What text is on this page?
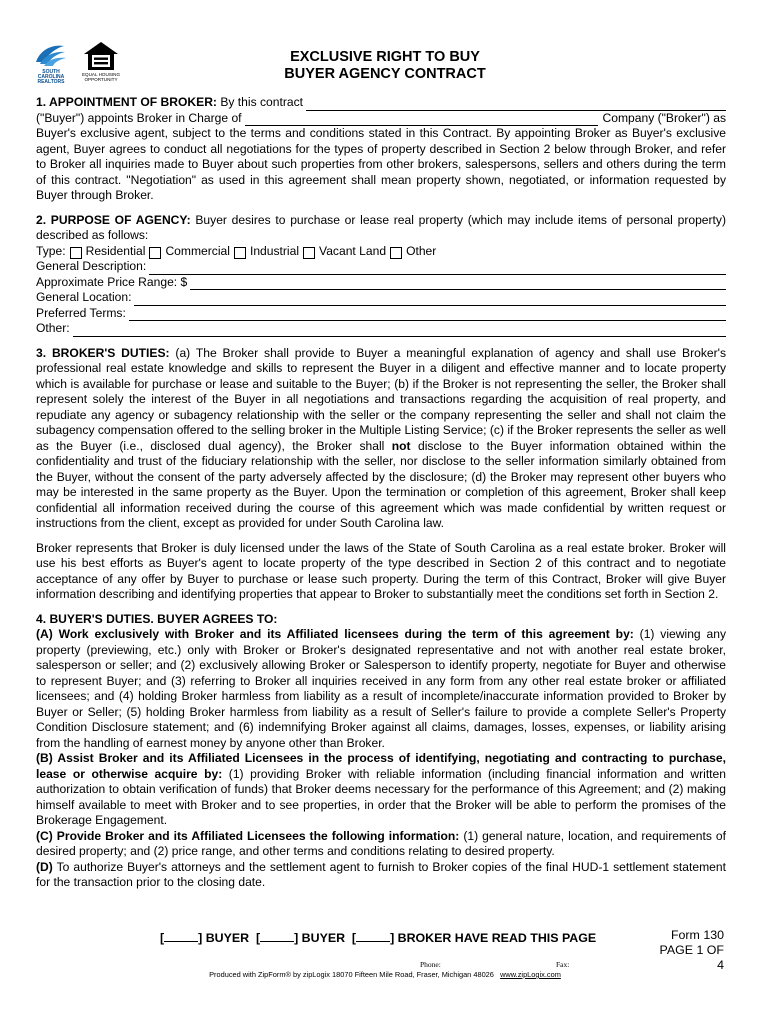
SOUTH CAROLINA REALTORS
EQUAL HOUSING OPPORTUNITY
EXCLUSIVE RIGHT TO BUY
BUYER AGENCY CONTRACT
1. APPOINTMENT OF BROKER: By this contract
("Buyer") appoints Broker in Charge of	Company ("Broker") as

Buyer's exclusive agent, subject to the terms and conditions stated in this Contract. By appointing Broker as Buyer's exclusive agent, Buyer agrees to conduct all negotiations for the types of property described in Section 2 below through Broker, and refer to Broker all inquiries made to Buyer about such properties from other brokers, salespersons, sellers and others during the term of this contract. "Negotiation" as used in this agreement shall mean property shown, negotiated, or information requested by Buyer through Broker.

2. PURPOSE OF AGENCY: Buyer desires to purchase or lease real property (which may include items of personal property) described as follows:

Type: Residential Commercial Industrial Vacant Land Other
General Description:
Approximate Price Range: $
General Location:
Preferred Terms:
Other:

3. BROKER'S DUTIES: (a) The Broker shall provide to Buyer a meaningful explanation of agency and shall use Broker's professional real estate knowledge and skills to represent the Buyer in a diligent and effective manner and to locate property which is available for purchase or lease and suitable to the Buyer; (b) if the Broker is not representing the seller, the Broker shall represent solely the interest of the Buyer in all negotiations and transactions regarding the acquisition of real property, and repudiate any agency or subagency relationship with the seller or the company representing the seller and shall not claim the subagency compensation offered to the selling broker in the Multiple Listing Service; (c) if the Broker represents the seller as well as the Buyer (i.e., disclosed dual agency), the Broker shall not disclose to the Buyer information obtained within the confidentiality and trust of the fiduciary relationship with the seller, nor disclose to the seller information similarly obtained from the Buyer, without the consent of the party adversely affected by the disclosure; (d) the Broker may represent other buyers who may be interested in the same property as the Buyer. Upon the termination or completion of this agreement, Broker shall keep confidential all information received during the course of this agreement which was made confidential by written request or instructions from the client, except as provided for under South Carolina law.

Broker represents that Broker is duly licensed under the laws of the State of South Carolina as a real estate broker. Broker will use his best efforts as Buyer's agent to locate property of the type described in Section 2 of this contract and to negotiate acceptance of any offer by Buyer to purchase or lease such property. During the term of this Contract, Broker will give Buyer information describing and identifying properties that appear to Broker to substantially meet the conditions set forth in Section 2.

4. BUYER'S DUTIES. BUYER AGREES TO:

(A) Work exclusively with Broker and its Affiliated licensees during the term of this agreement by: (1) viewing any property (previewing, etc.) only with Broker or Broker's designated representative and not with another real estate broker, salesperson or seller; and (2) exclusively allowing Broker or Salesperson to identify property, negotiate for Buyer and otherwise to represent Buyer; and (3) referring to Broker all inquiries received in any form from any other real estate broker or affiliated licensees; and (4) holding Broker harmless from liability as a result of incomplete/inaccurate information provided to Broker by Buyer or Seller; (5) holding Broker harmless from liability as a result of Seller's failure to provide a complete Seller's Property Condition Disclosure statement; and (6) indemnifying Broker against all claims, damages, losses, expenses, or liability arising from the handling of earnest money by anyone other than Broker.

(B) Assist Broker and its Affiliated Licensees in the process of identifying, negotiating and contracting to purchase, lease or otherwise acquire by: (1) providing Broker with reliable information (including financial information and written authorization to obtain verification of funds) that Broker deems necessary for the performance of this Agreement; and (2) making himself available to meet with Broker and to see properties, in order that the Broker will be able to perform the promises of the Brokerage Engagement.

(C) Provide Broker and its Affiliated Licensees the following information: (1) general nature, location, and requirements of desired property; and (2) price range, and other terms and conditions relating to desired property.

(D) To authorize Buyer's attorneys and the settlement agent to furnish to Broker copies of the final HUD-1 settlement statement for the transaction prior to the closing date.

[	] BUYER  [	] BUYER  [	] BROKER HAVE READ THIS PAGE	Form 130
PAGE 1 OF 4
Phone:	Fax:
Produced with ZipForm® by zipLogix 18070 Fifteen Mile Road, Fraser, Michigan 48026 www.zipLogix.com
